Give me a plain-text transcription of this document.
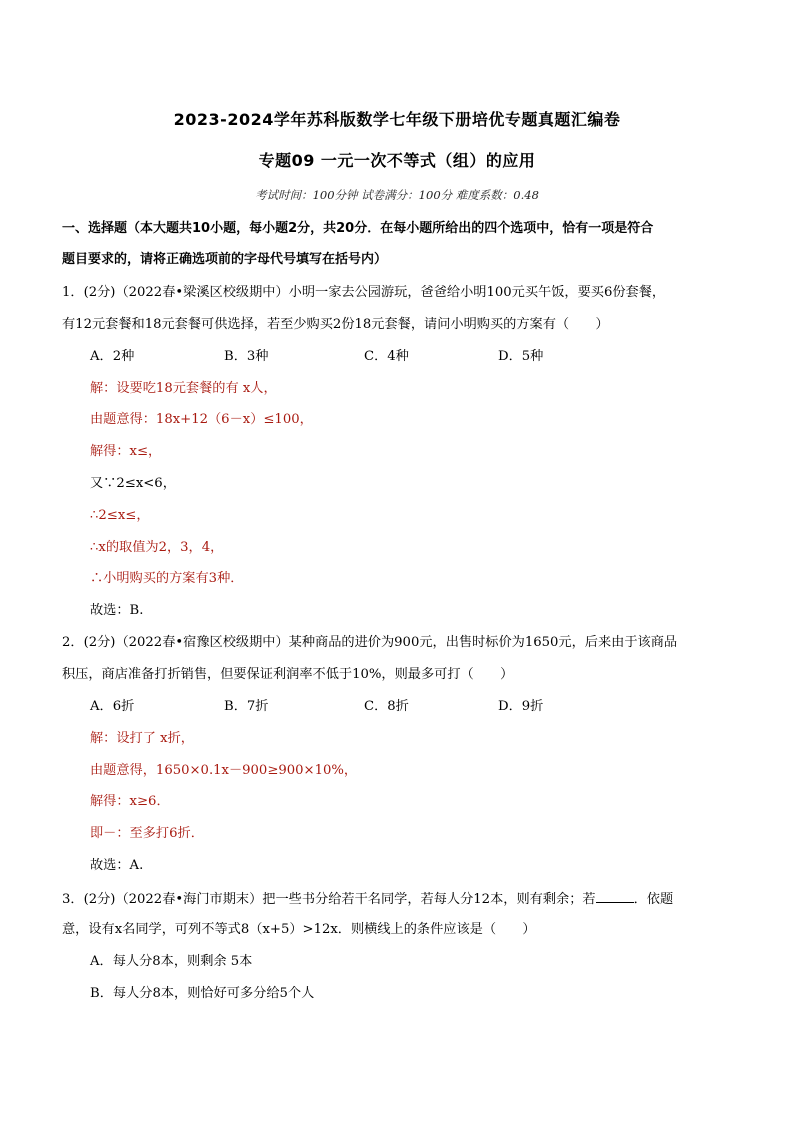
2023-2024学年苏科版数学七年级下册培优专题真题汇编卷
专题09 一元一次不等式（组）的应用
考试时间：100分钟 试卷满分：100分 难度系数：0.48
一、选择题（本大题共10小题，每小题2分，共20分．在每小题所给出的四个选项中，恰有一项是符合
题目要求的，请将正确选项前的字母代号填写在括号内）
1．(2分)（2022春•梁溪区校级期中）小明一家去公园游玩，爸爸给小明100元买午饭，要买6份套餐，
有12元套餐和18元套餐可供选择，若至少购买2份18元套餐，请问小明购买的方案有（　　）
A．2种	B．3种	C．4种	D．5种
解：设要吃18元套餐的有 x人，
由题意得：18x+12（6－x）≤100，
解得：x≤，
又∵2≤x<6，
∴2≤x≤，
∴x的取值为2，3，4，
∴小明购买的方案有3种．
故选：B.
2．(2分)（2022春•宿豫区校级期中）某种商品的进价为900元，出售时标价为1650元，后来由于该商品
积压，商店准备打折销售，但要保证利润率不低于10%，则最多可打（　　）
A．6折	B．7折	C．8折	D．9折
解：设打了 x折，
由题意得，1650×0.1x－900≥900×10%，
解得：x≥6．
即－：至多打6折．
故选：A.
3．(2分)（2022春•海门市期末）把一些书分给若干名同学，若每人分12本，则有剩余；若	．依题
意，设有x名同学，可列不等式8（x+5）>12x．则横线上的条件应该是（　　）
A．每人分8本，则剩余 5本
B．每人分8本，则恰好可多分给5个人
